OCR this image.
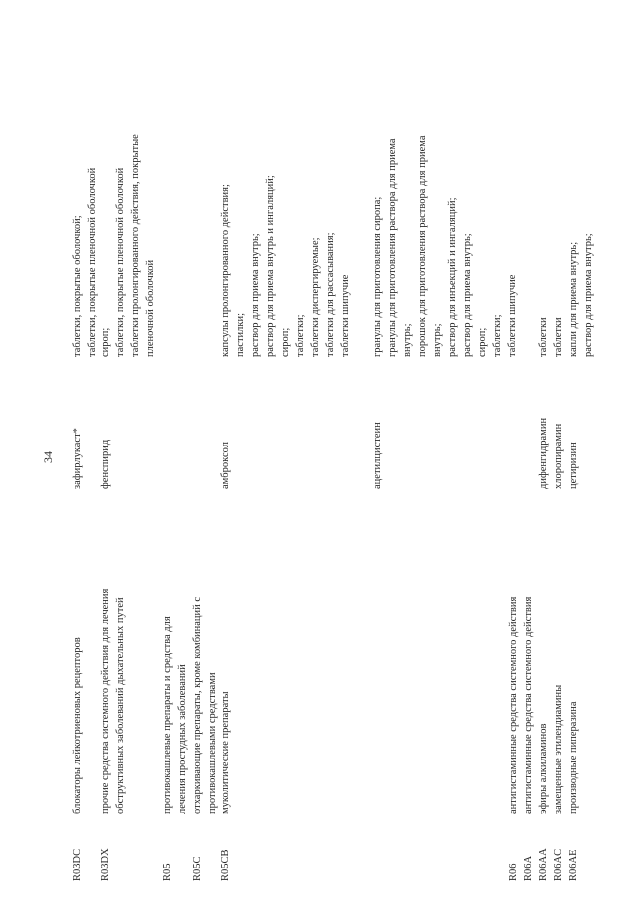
34
R03DC
блокаторы лейкотриеновых рецепторов
зафирлукаст*
таблетки, покрытые оболочкой; таблетки, покрытые пленочной оболочкой
R03DX
прочие средства системного действия для лечения обструктивных заболеваний дыхательных путей
фенспирид
сироп; таблетки, покрытые пленочной оболочкой таблетки пролонгированного действия, покрытые пленочной оболочкой
R05
противокашлевые препараты и средства для лечения простудных заболеваний
R05C
отхаркивающие препараты, кроме комбинаций с противокашлевыми средствами
R05CB
муколитические препараты
амброксол
капсулы пролонгированного действия; пастилки; раствор для приема внутрь; раствор для приема внутрь и ингаляций; сироп; таблетки; таблетки диспергируемые; таблетки для рассасывания; таблетки шипучие
ацетилцистеин
гранулы для приготовления сиропа; гранулы для приготовления раствора для приема внутрь; порошок для приготовления раствора для приема внутрь; раствор для инъекций и ингаляций; раствор для приема внутрь; сироп; таблетки; таблетки шипучие
R06
антигистаминные средства системного действия
R06A
антигистаминные средства системного действия
R06AA
эфиры алкиламинов
дифенгидрамин
таблетки
R06AC
замещенные этилендиамины
хлоропирамин
таблетки
R06AE
производные пиперазина
цетиризин
капли для приема внутрь; раствор для приема внутрь;
